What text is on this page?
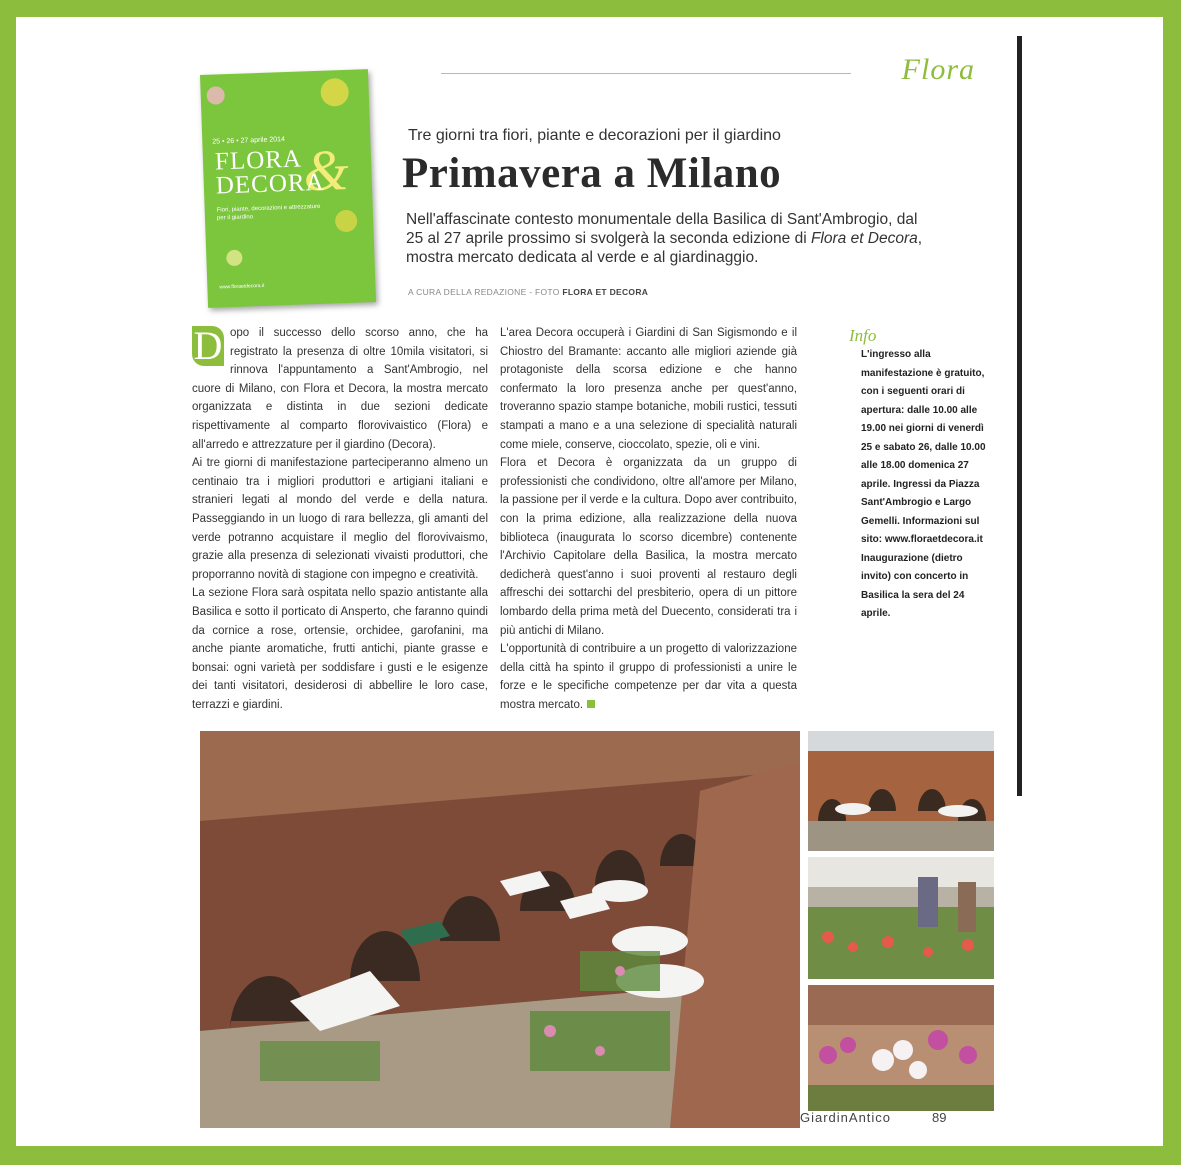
Flora
25 • 26 • 27 aprile 2014 &
FLORA
DECORA
Fiori, piante, decorazioni e attrezzature per il giardino
www.floraetdecora.it
Tre giorni tra fiori, piante e decorazioni per il giardino
Primavera a Milano
Nell'affascinate contesto monumentale della Basilica di Sant'Ambrogio, dal 25 al 27 aprile prossimo si svolgerà la seconda edizione di Flora et Decora, mostra mercato dedicata al verde e al giardinaggio.
A CURA DELLA REDAZIONE - FOTO FLORA ET DECORA
D opo il successo dello scorso anno, che ha registrato la presenza di oltre 10mila visitatori, si rinnova l'appuntamento a Sant'Ambrogio, nel cuore di Milano, con Flora et Decora, la mostra mercato organizzata e distinta in due sezioni dedicate rispettivamente al comparto florovivaistico (Flora) e all'arredo e attrezzature per il giardino (Decora).
Ai tre giorni di manifestazione parteciperanno almeno un centinaio tra i migliori produttori e artigiani italiani e stranieri legati al mondo del verde e della natura. Passeggiando in un luogo di rara bellezza, gli amanti del verde potranno acquistare il meglio del florovivaismo, grazie alla presenza di selezionati vivaisti produttori, che proporranno novità di stagione con impegno e creatività.
La sezione Flora sarà ospitata nello spazio antistante alla Basilica e sotto il porticato di Ansperto, che faranno quindi da cornice a rose, ortensie, orchidee, garofanini, ma anche piante aromatiche, frutti antichi, piante grasse e bonsai: ogni varietà per soddisfare i gusti e le esigenze dei tanti visitatori, desiderosi di abbellire le loro case, terrazzi e giardini.
L'area Decora occuperà i Giardini di San Sigismondo e il Chiostro del Bramante: accanto alle migliori aziende già protagoniste della scorsa edizione e che hanno confermato la loro presenza anche per quest'anno, troveranno spazio stampe botaniche, mobili rustici, tessuti stampati a mano e a una selezione di specialità naturali come miele, conserve, cioccolato, spezie, oli e vini.
Flora et Decora è organizzata da un gruppo di professionisti che condividono, oltre all'amore per Milano, la passione per il verde e la cultura. Dopo aver contribuito, con la prima edizione, alla realizzazione della nuova biblioteca (inaugurata lo scorso dicembre) contenente l'Archivio Capitolare della Basilica, la mostra mercato dedicherà quest'anno i suoi proventi al restauro degli affreschi dei sottarchi del presbiterio, opera di un pittore lombardo della prima metà del Duecento, considerati tra i più antichi di Milano.
L'opportunità di contribuire a un progetto di valorizzazione della città ha spinto il gruppo di professionisti a unire le forze e le specifiche competenze per dar vita a questa mostra mercato.
Info
L'ingresso alla manifestazione è gratuito, con i seguenti orari di apertura: dalle 10.00 alle 19.00 nei giorni di venerdì 25 e sabato 26, dalle 10.00 alle 18.00 domenica 27 aprile. Ingressi da Piazza Sant'Ambrogio e Largo Gemelli. Informazioni sul sito: www.floraetdecora.it Inaugurazione (dietro invito) con concerto in Basilica la sera del 24 aprile.
GiardinAntico	89
